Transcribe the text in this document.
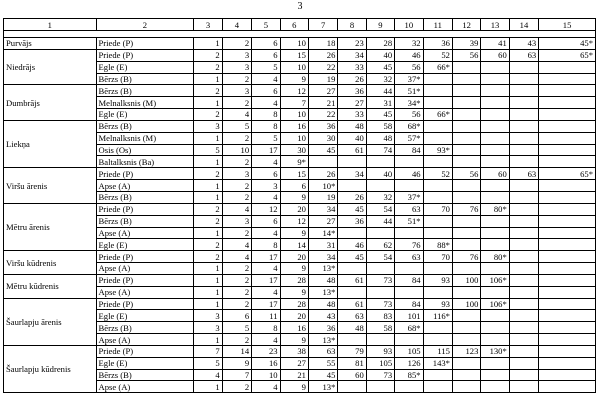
3
1	2	3	4	5	6	7	8	9	10	11	12	13	14	15

Purvājs	Priede (P)	1	2	6	10	18	23	28	32	36	39	41	43	45*
Niedrājs	Priede (P)	2	3	6	15	26	34	40	46	52	56	60	63	65*
	Egle (E)	2	3	5	10	22	33	45	56	66*				
	Bērzs (B)	1	2	4	9	19	26	32	37*					
Dumbrājs	Bērzs (B)	2	3	6	12	27	36	44	51*					
	Melnalksnis (M)	1	2	4	7	21	27	31	34*					
	Egle (E)	2	4	8	10	22	33	45	56	66*				
Liekņa	Bērzs (B)	3	5	8	16	36	48	58	68*					
	Melnalksnis (M)	1	2	5	10	30	40	48	57*					
	Osis (Os)	5	10	17	30	45	61	74	84	93*				
	Baltalksnis (Ba)	1	2	4	9*									
Viršu ārenis	Priede (P)	2	3	6	15	26	34	40	46	52	56	60	63	65*
	Apse (A)	1	2	3	6	10*								
	Bērzs (B)	1	2	4	9	19	26	32	37*					
Mētru ārenis	Priede (P)	2	4	12	20	34	45	54	63	70	76	80*		
	Bērzs (B)	2	3	6	12	27	36	44	51*					
	Apse (A)	1	2	4	9	14*								
	Egle (E)	2	4	8	14	31	46	62	76	88*				
Viršu kūdrenis	Priede (P)	2	4	17	20	34	45	54	63	70	76	80*		
	Apse (A)	1	2	4	9	13*								
Mētru kūdrenis	Priede (P)	1	2	17	28	48	61	73	84	93	100	106*		
	Apse (A)	1	2	4	9	13*								
Šaurlapju ārenis	Priede (P)	1	2	17	28	48	61	73	84	93	100	106*		
	Egle (E)	3	6	11	20	43	63	83	101	116*				
	Bērzs (B)	3	5	8	16	36	48	58	68*					
	Apse (A)	1	2	4	9	13*								
Šaurlapju kūdrenis	Priede (P)	7	14	23	38	63	79	93	105	115	123	130*		
	Egle (E)	5	9	16	27	55	81	105	126	143*				
	Bērzs (B)	4	7	10	21	45	60	73	85*					
	Apse (A)	1	2	4	9	13*								
